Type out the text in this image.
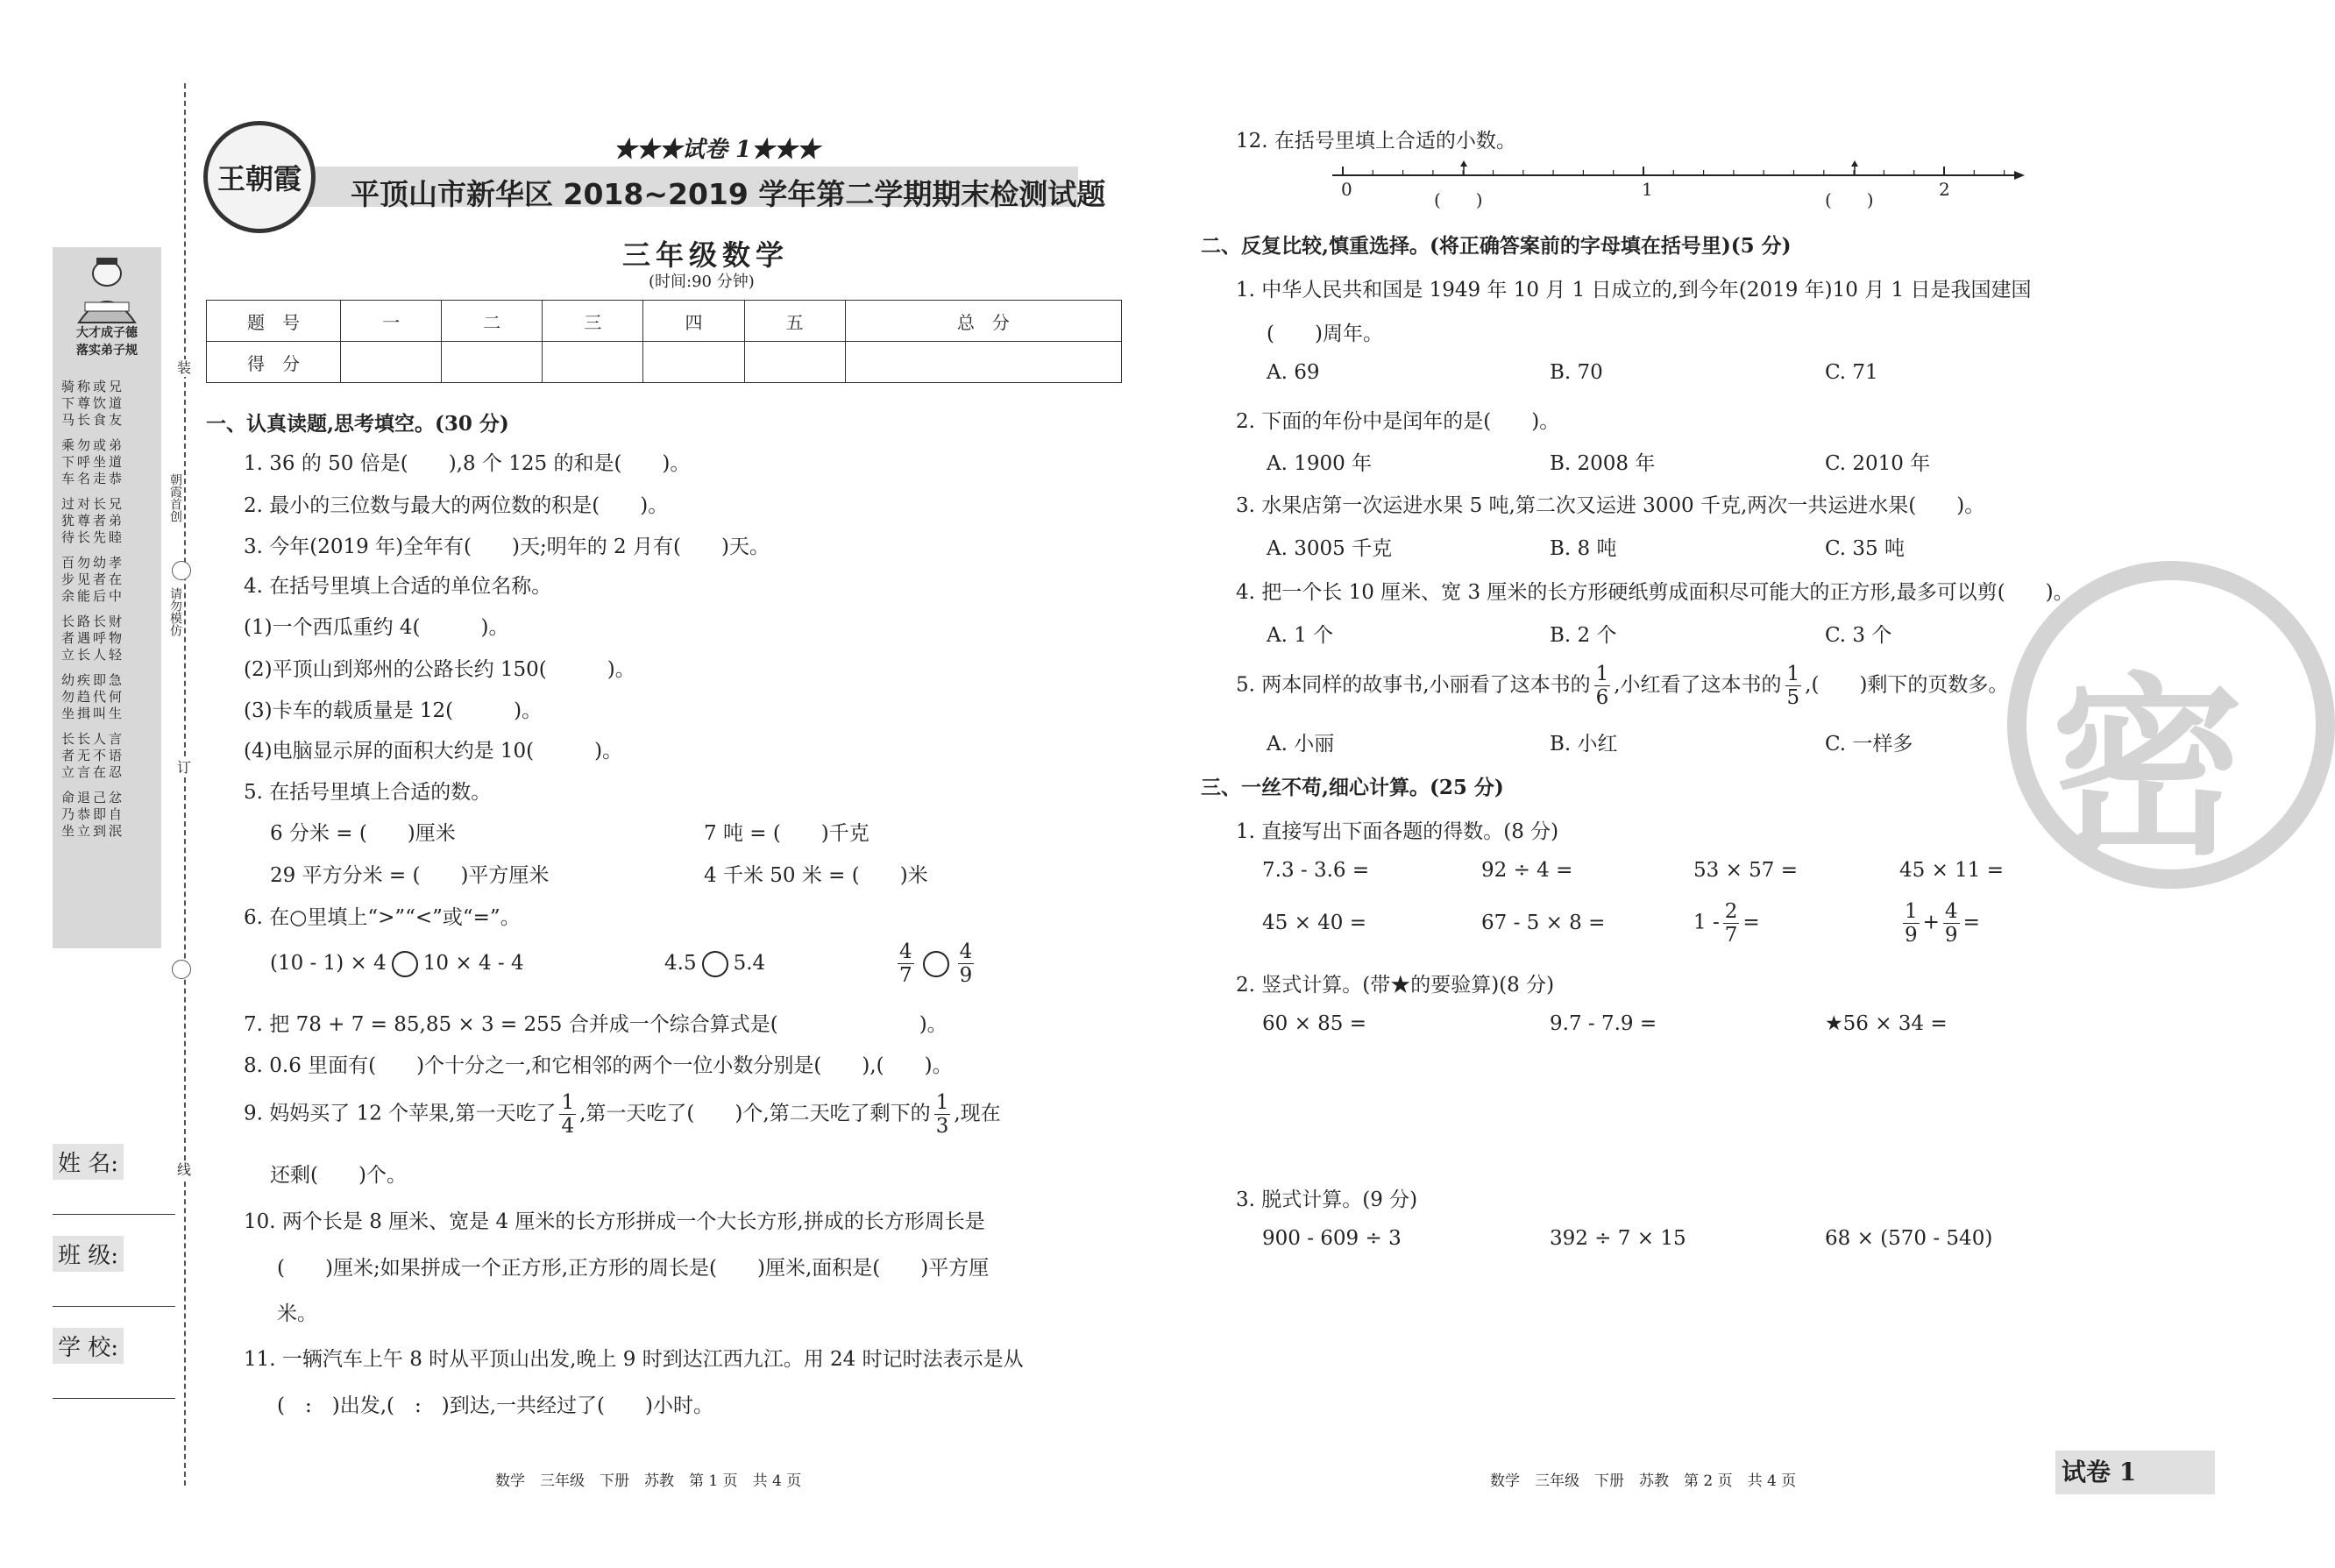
大才成子德
落实弟子规
骑称或兄
下尊饮道
马长食友
乘勿或弟
下呼坐道
车名走恭
过对长兄
犹尊者弟
待长先睦
百勿幼孝
步见者在
余能后中
长路长财
者遇呼物
立长人轻
幼疾即急
勿趋代何
坐揖叫生
长长人言
者无不语
立言在忍
命退己忿
乃恭即自
坐立到泯
装
订
线
朝霞首创
请勿模仿
姓 名:
班 级:
学 校:
王朝霞
★★★试卷 1★★★
平顶山市新华区 2018~2019 学年第二学期期末检测试题
三年级数学
(时间:90 分钟)
题　号	一	二	三	四	五	总　分
得　分						
一、认真读题,思考填空。(30 分)
1. 36 的 50 倍是(　　),8 个 125 的和是(　　)。
2. 最小的三位数与最大的两位数的积是(　　)。
3. 今年(2019 年)全年有(　　)天;明年的 2 月有(　　)天。
4. 在括号里填上合适的单位名称。
(1)一个西瓜重约 4(　　　)。
(2)平顶山到郑州的公路长约 150(　　　)。
(3)卡车的载质量是 12(　　　)。
(4)电脑显示屏的面积大约是 10(　　　)。
5. 在括号里填上合适的数。
6 分米 = (　　)厘米	7 吨 = (　　)千克
29 平方分米 = (　　)平方厘米	4 千米 50 米 = (　　)米
6. 在○里填上“>”“<”或“=”。
(10 - 1) × 4 10 × 4 - 4	4.5 5.4	$\frac{4}{7} \frac{4}{9}$
7. 把 78 + 7 = 85,85 × 3 = 255 合并成一个综合算式是(　　　　　　　)。
8. 0.6 里面有(　　)个十分之一,和它相邻的两个一位小数分别是(　　),(　　)。
9. 妈妈买了 12 个苹果,第一天吃了 $\frac{1}{4}$ ,第一天吃了(　　)个,第二天吃了剩下的 $\frac{1}{3}$ ,现在
还剩(　　)个。
10. 两个长是 8 厘米、宽是 4 厘米的长方形拼成一个大长方形,拼成的长方形周长是
(　　)厘米;如果拼成一个正方形,正方形的周长是(　　)厘米,面积是(　　)平方厘
米。
11. 一辆汽车上午 8 时从平顶山出发,晚上 9 时到达江西九江。用 24 时记时法表示是从
(　:　)出发,(　:　)到达,一共经过了(　　)小时。
数学　三年级　下册　苏教　第 1 页　共 4 页
密
12. 在括号里填上合适的小数。
0	1	2
(　　)	(　　)
二、反复比较,慎重选择。(将正确答案前的字母填在括号里)(5 分)
1. 中华人民共和国是 1949 年 10 月 1 日成立的,到今年(2019 年)10 月 1 日是我国建国
(　　)周年。
A. 69	B. 70	C. 71
2. 下面的年份中是闰年的是(　　)。
A. 1900 年	B. 2008 年	C. 2010 年
3. 水果店第一次运进水果 5 吨,第二次又运进 3000 千克,两次一共运进水果(　　)。
A. 3005 千克	B. 8 吨	C. 35 吨
4. 把一个长 10 厘米、宽 3 厘米的长方形硬纸剪成面积尽可能大的正方形,最多可以剪(　　)。
A. 1 个	B. 2 个	C. 3 个
5. 两本同样的故事书,小丽看了这本书的 $\frac{1}{6}$ ,小红看了这本书的 $\frac{1}{5}$ ,(　　)剩下的页数多。
A. 小丽	B. 小红	C. 一样多
三、一丝不苟,细心计算。(25 分)
1. 直接写出下面各题的得数。(8 分)
7.3 - 3.6 =	92 ÷ 4 =	53 × 57 =	45 × 11 =
45 × 40 =	67 - 5 × 8 =	$1 - \frac{2}{7}$ =	$\frac{1}{9} + \frac{4}{9}$ =
2. 竖式计算。(带★的要验算)(8 分)
60 × 85 =	9.7 - 7.9 =	★56 × 34 =
3. 脱式计算。(9 分)
900 - 609 ÷ 3	392 ÷ 7 × 15	68 × (570 - 540)
数学　三年级　下册　苏教　第 2 页　共 4 页	试卷 1
